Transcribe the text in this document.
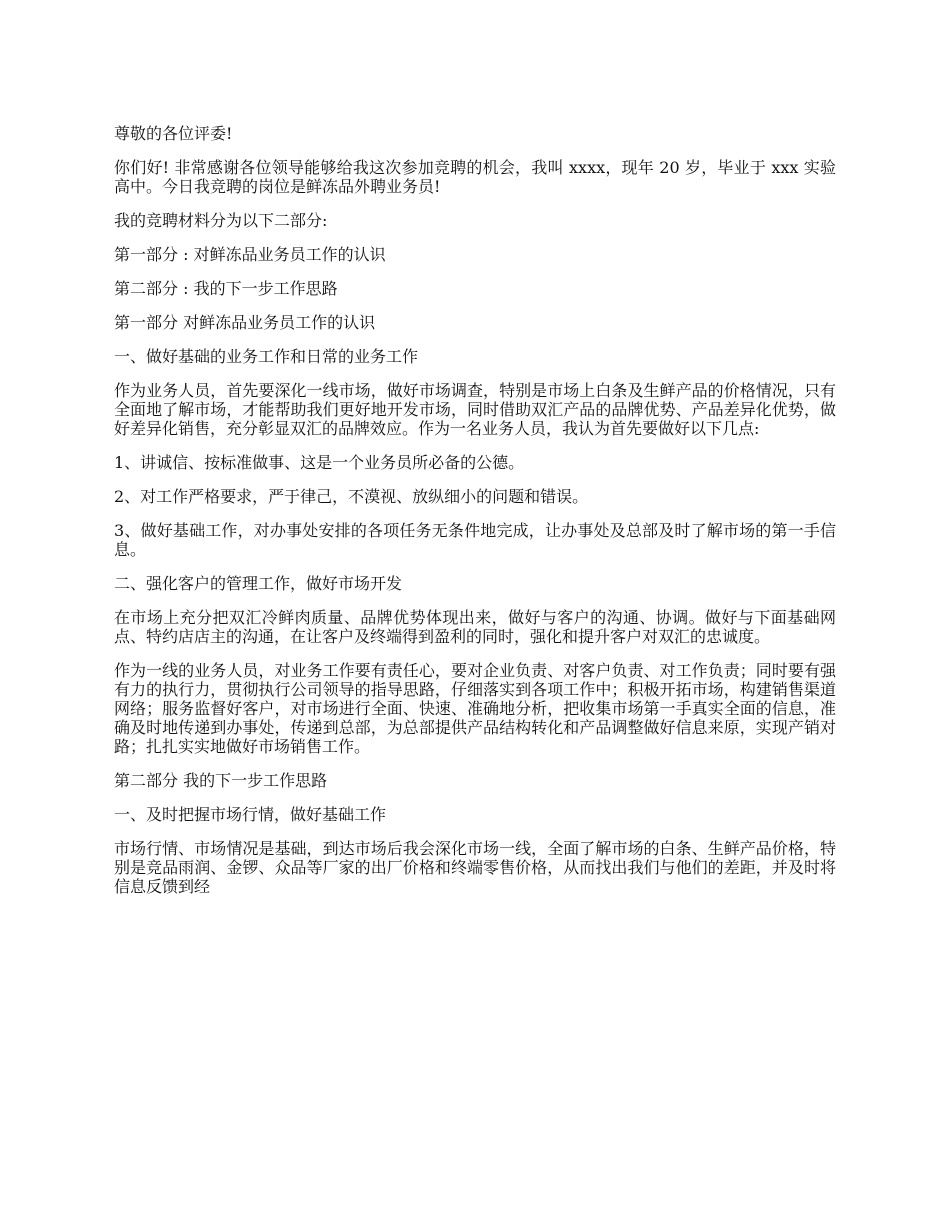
尊敬的各位评委!

你们好! 非常感谢各位领导能够给我这次参加竞聘的机会，我叫 xxxx，现年 20 岁，毕业于 xxx 实验高中。今日我竞聘的岗位是鲜冻品外聘业务员!

我的竞聘材料分为以下二部分:

第一部分 : 对鲜冻品业务员工作的认识

第二部分 : 我的下一步工作思路

第一部分 对鲜冻品业务员工作的认识

一、做好基础的业务工作和日常的业务工作

作为业务人员，首先要深化一线市场，做好市场调查，特别是市场上白条及生鲜产品的价格情况，只有全面地了解市场，才能帮助我们更好地开发市场，同时借助双汇产品的品牌优势、产品差异化优势，做好差异化销售，充分彰显双汇的品牌效应。作为一名业务人员，我认为首先要做好以下几点:

1、讲诚信、按标准做事、这是一个业务员所必备的公德。

2、对工作严格要求，严于律己，不漠视、放纵细小的问题和错误。

3、做好基础工作，对办事处安排的各项任务无条件地完成，让办事处及总部及时了解市场的第一手信息。

二、强化客户的管理工作，做好市场开发

在市场上充分把双汇冷鲜肉质量、品牌优势体现出来，做好与客户的沟通、协调。做好与下面基础网点、特约店店主的沟通，在让客户及终端得到盈利的同时，强化和提升客户对双汇的忠诚度。

作为一线的业务人员，对业务工作要有责任心，要对企业负责、对客户负责、对工作负责；同时要有强有力的执行力，贯彻执行公司领导的指导思路，仔细落实到各项工作中；积极开拓市场，构建销售渠道网络；服务监督好客户，对市场进行全面、快速、准确地分析，把收集市场第一手真实全面的信息，准确及时地传递到办事处，传递到总部，为总部提供产品结构转化和产品调整做好信息来原，实现产销对路；扎扎实实地做好市场销售工作。

第二部分 我的下一步工作思路

一、及时把握市场行情，做好基础工作

市场行情、市场情况是基础，到达市场后我会深化市场一线，全面了解市场的白条、生鲜产品价格，特别是竞品雨润、金锣、众品等厂家的出厂价格和终端零售价格，从而找出我们与他们的差距，并及时将信息反馈到经
